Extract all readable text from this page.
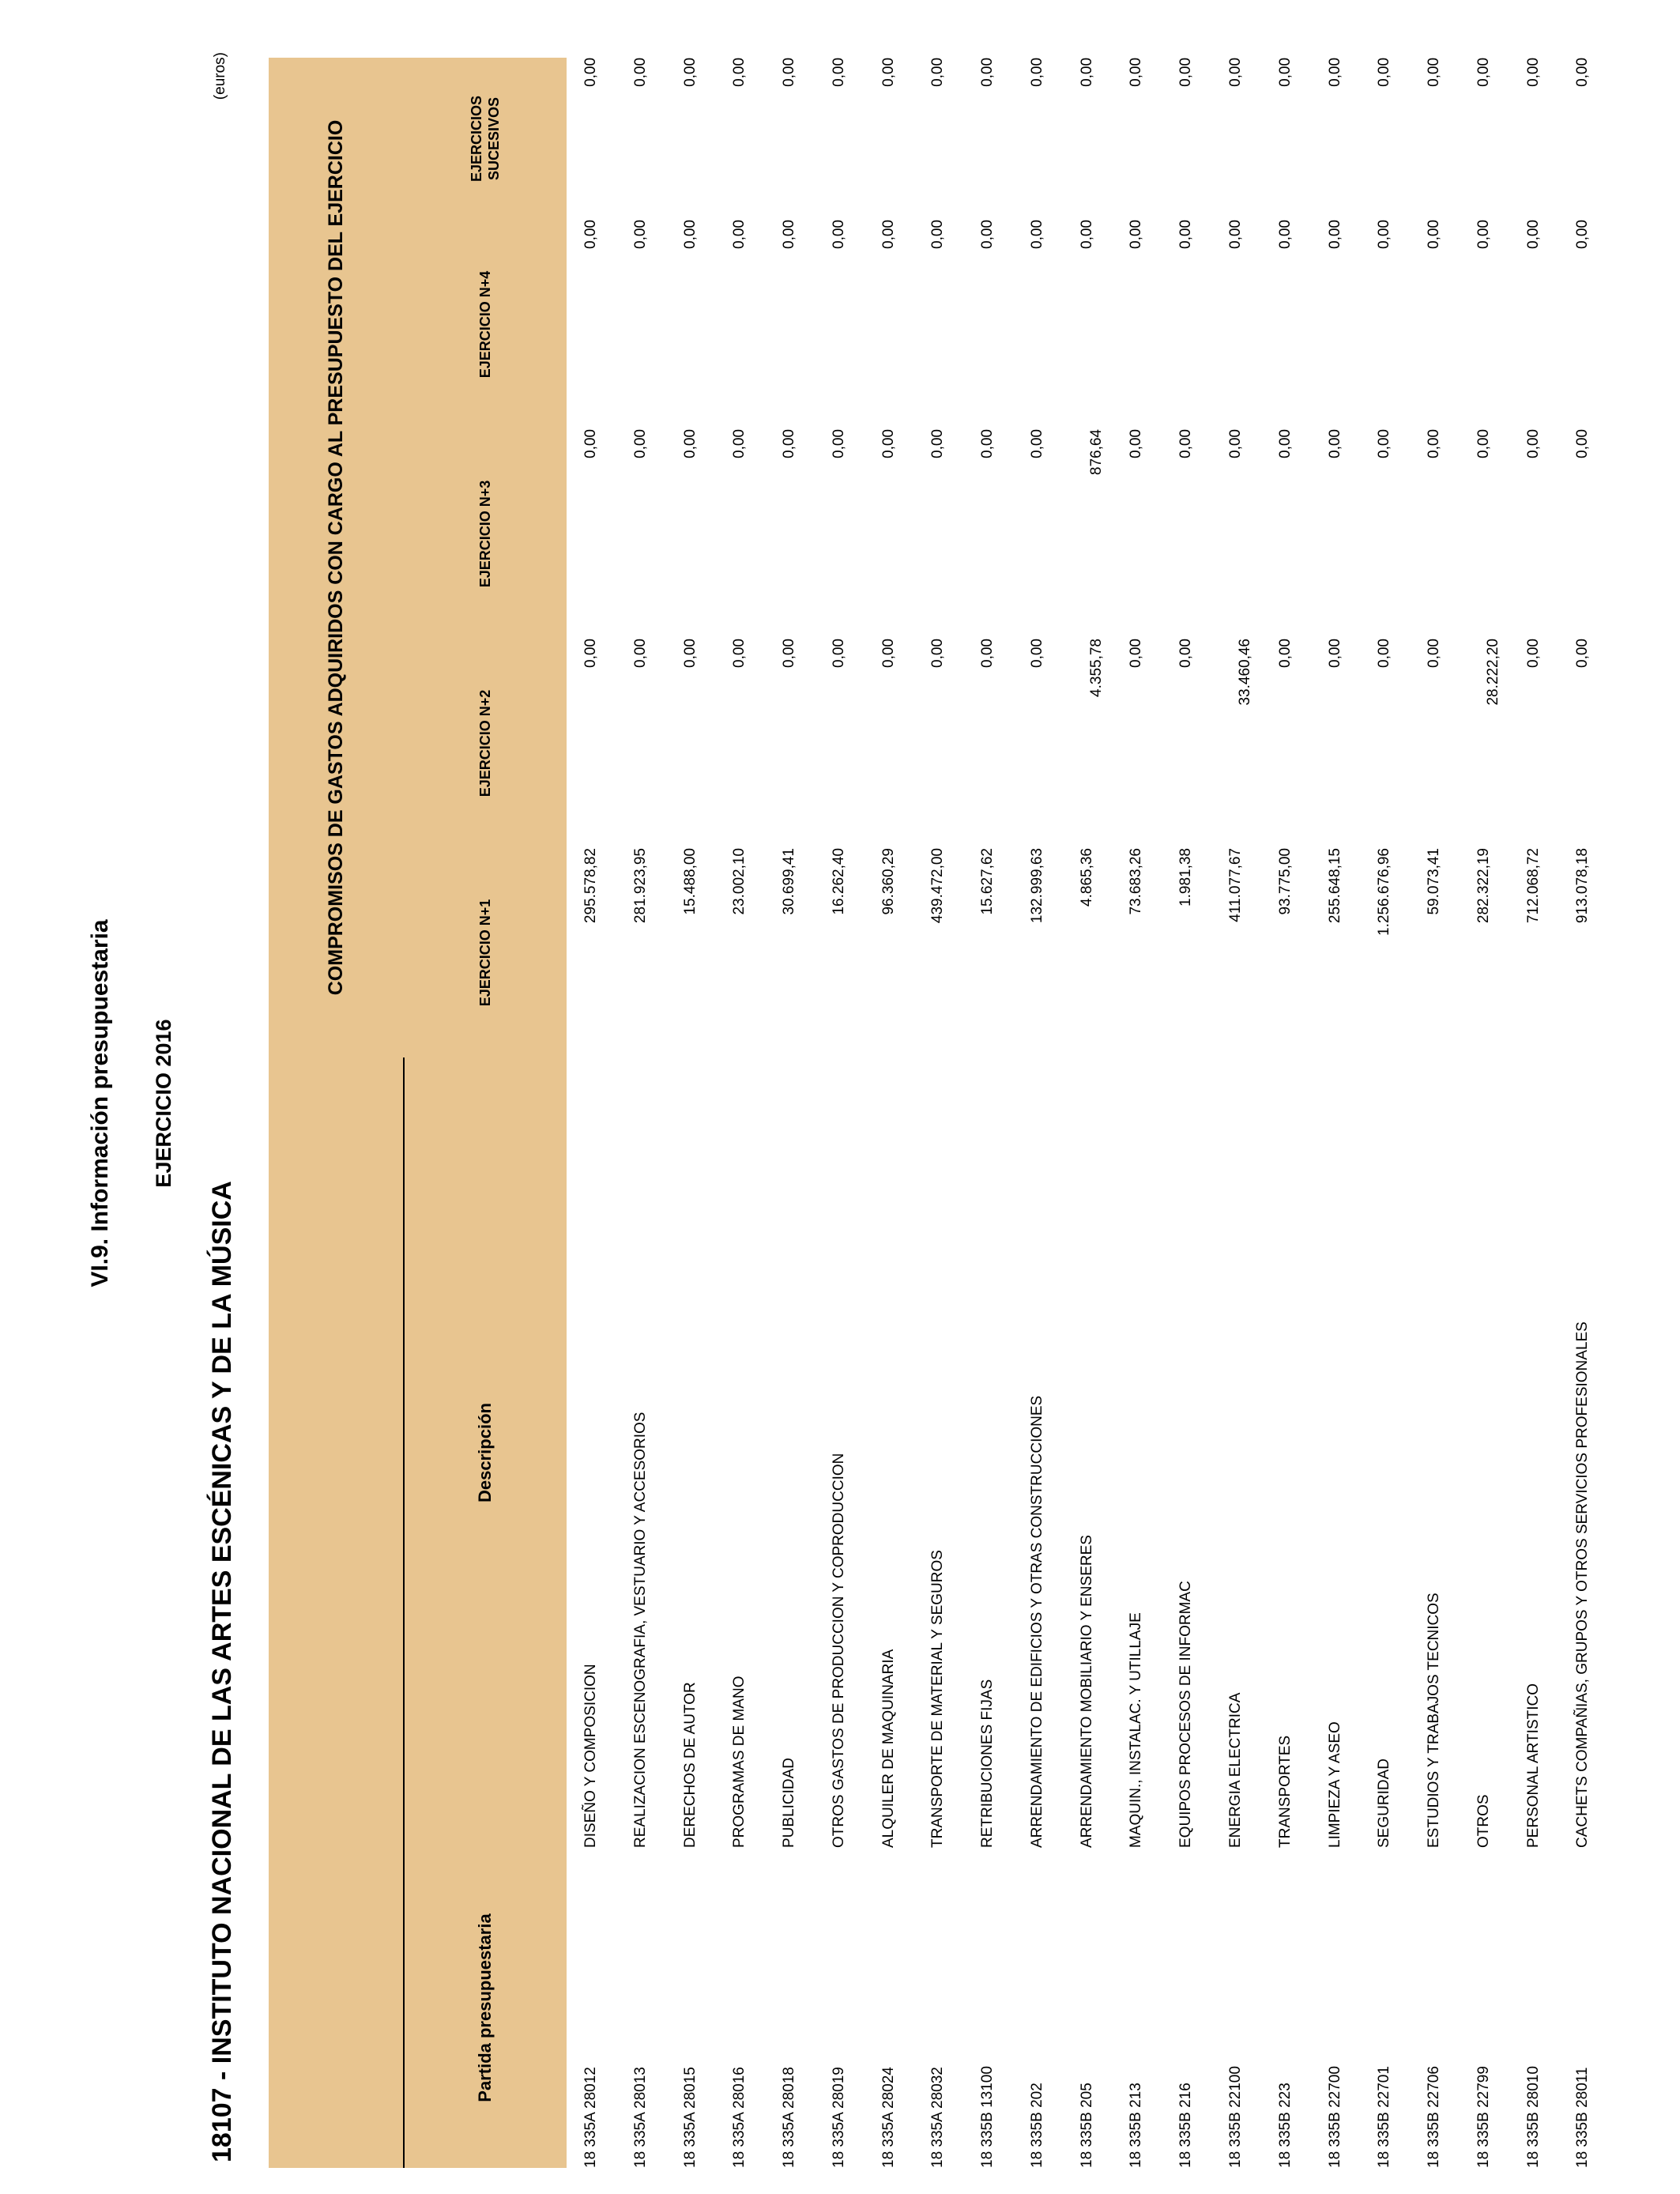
VI.9. Información presupuestaria EJERCICIO 2016
18107 - INSTITUTO NACIONAL DE LAS ARTES ESCÉNICAS Y DE LA MÚSICA
(euros)
		COMPROMISOS DE GASTOS ADQUIRIDOS CON CARGO AL PRESUPUESTO DEL EJERCICIO				
Partida presupuestaria	Descripción	EJERCICIO N+1	EJERCICIO N+2	EJERCICIO N+3	EJERCICIO N+4	EJERCICIOS SUCESIVOS

18 335A 28012	DISEÑO Y COMPOSICION	295.578,82	0,00	0,00	0,00	0,00
18 335A 28013	REALIZACION ESCENOGRAFIA, VESTUARIO Y ACCESORIOS	281.923,95	0,00	0,00	0,00	0,00
18 335A 28015	DERECHOS DE AUTOR	15.488,00	0,00	0,00	0,00	0,00
18 335A 28016	PROGRAMAS DE MANO	23.002,10	0,00	0,00	0,00	0,00
18 335A 28018	PUBLICIDAD	30.699,41	0,00	0,00	0,00	0,00
18 335A 28019	OTROS GASTOS DE PRODUCCION Y COPRODUCCION	16.262,40	0,00	0,00	0,00	0,00
18 335A 28024	ALQUILER DE MAQUINARIA	96.360,29	0,00	0,00	0,00	0,00
18 335A 28032	TRANSPORTE DE MATERIAL Y SEGUROS	439.472,00	0,00	0,00	0,00	0,00
18 335B 13100	RETRIBUCIONES FIJAS	15.627,62	0,00	0,00	0,00	0,00
18 335B 202	ARRENDAMIENTO DE EDIFICIOS Y OTRAS CONSTRUCCIONES	132.999,63	0,00	0,00	0,00	0,00
18 335B 205	ARRENDAMIENTO MOBILIARIO Y ENSERES	4.865,36	4.355,78	876,64	0,00	0,00
18 335B 213	MAQUIN., INSTALAC. Y UTILLAJE	73.683,26	0,00	0,00	0,00	0,00
18 335B 216	EQUIPOS PROCESOS DE INFORMAC	1.981,38	0,00	0,00	0,00	0,00
18 335B 22100	ENERGIA ELECTRICA	411.077,67	33.460,46	0,00	0,00	0,00
18 335B 223	TRANSPORTES	93.775,00	0,00	0,00	0,00	0,00
18 335B 22700	LIMPIEZA Y ASEO	255.648,15	0,00	0,00	0,00	0,00
18 335B 22701	SEGURIDAD	1.256.676,96	0,00	0,00	0,00	0,00
18 335B 22706	ESTUDIOS Y TRABAJOS TECNICOS	59.073,41	0,00	0,00	0,00	0,00
18 335B 22799	OTROS	282.322,19	28.222,20	0,00	0,00	0,00
18 335B 28010	PERSONAL ARTISTICO	712.068,72	0,00	0,00	0,00	0,00
18 335B 28011	CACHETS COMPAÑIAS, GRUPOS Y OTROS SERVICIOS PROFESIONALES	913.078,18	0,00	0,00	0,00	0,00
